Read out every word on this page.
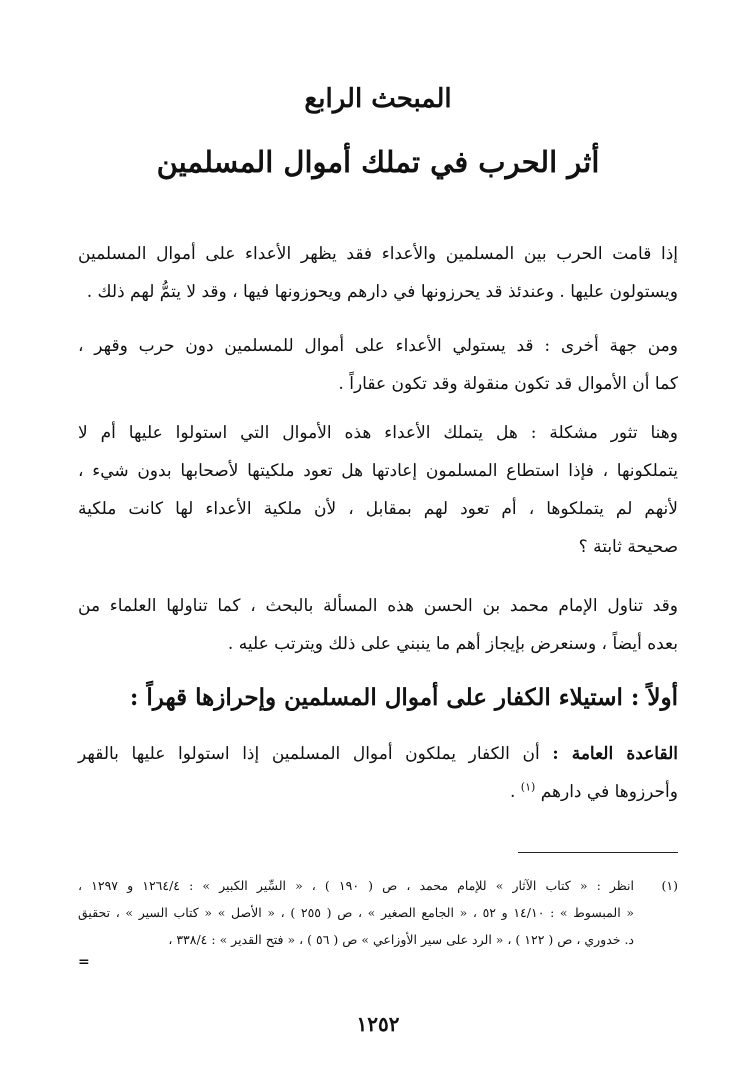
المبحث الرابع
أثر الحرب في تملك أموال المسلمين

إذا قامت الحرب بين المسلمين والأعداء فقد يظهر الأعداء على أموال المسلمين
ويستولون عليها . وعندئذ قد يحرزونها في دارهم ويحوزونها فيها ، وقد لا يتمُّ لهم ذلك .

ومن جهة أخرى : قد يستولي الأعداء على أموال للمسلمين دون حرب وقهر ،
كما أن الأموال قد تكون منقولة وقد تكون عقاراً .

وهنا تثور مشكلة : هل يتملك الأعداء هذه الأموال التي استولوا عليها أم لا
يتملكونها ، فإذا استطاع المسلمون إعادتها هل تعود ملكيتها لأصحابها بدون شيء ،
لأنهم لم يتملكوها ، أم تعود لهم بمقابل ، لأن ملكية الأعداء لها كانت ملكية
صحيحة ثابتة ؟

وقد تناول الإمام محمد بن الحسن هذه المسألة بالبحث ، كما تناولها العلماء من
بعده أيضاً ، وسنعرض بإيجاز أهم ما ينبني على ذلك ويترتب عليه .

أولاً : استيلاء الكفار على أموال المسلمين وإحرازها قهراً :

القاعدة العامة : أن الكفار يملكون أموال المسلمين إذا استولوا عليها بالقهر
وأحرزوها في دارهم $^{(١)}$ .

(١)
انظر : « كتاب الآثار » للإمام محمد ، ص ( ١٩٠ ) ، « السِّير الكبير » : ١٢٦٤/٤ و ١٢٩٧ ،
« المبسوط » : ١٤/١٠ و ٥٢ ، « الجامع الصغير » ، ص ( ٢٥٥ ) ، « الأصل » « كتاب السير » ، تحقيق
د. خدوري ، ص ( ١٢٢ ) ، « الرد على سير الأوزاعي » ص ( ٥٦ ) ، « فتح القدير » : ٣٣٨/٤ ،
=
١٢٥٢
